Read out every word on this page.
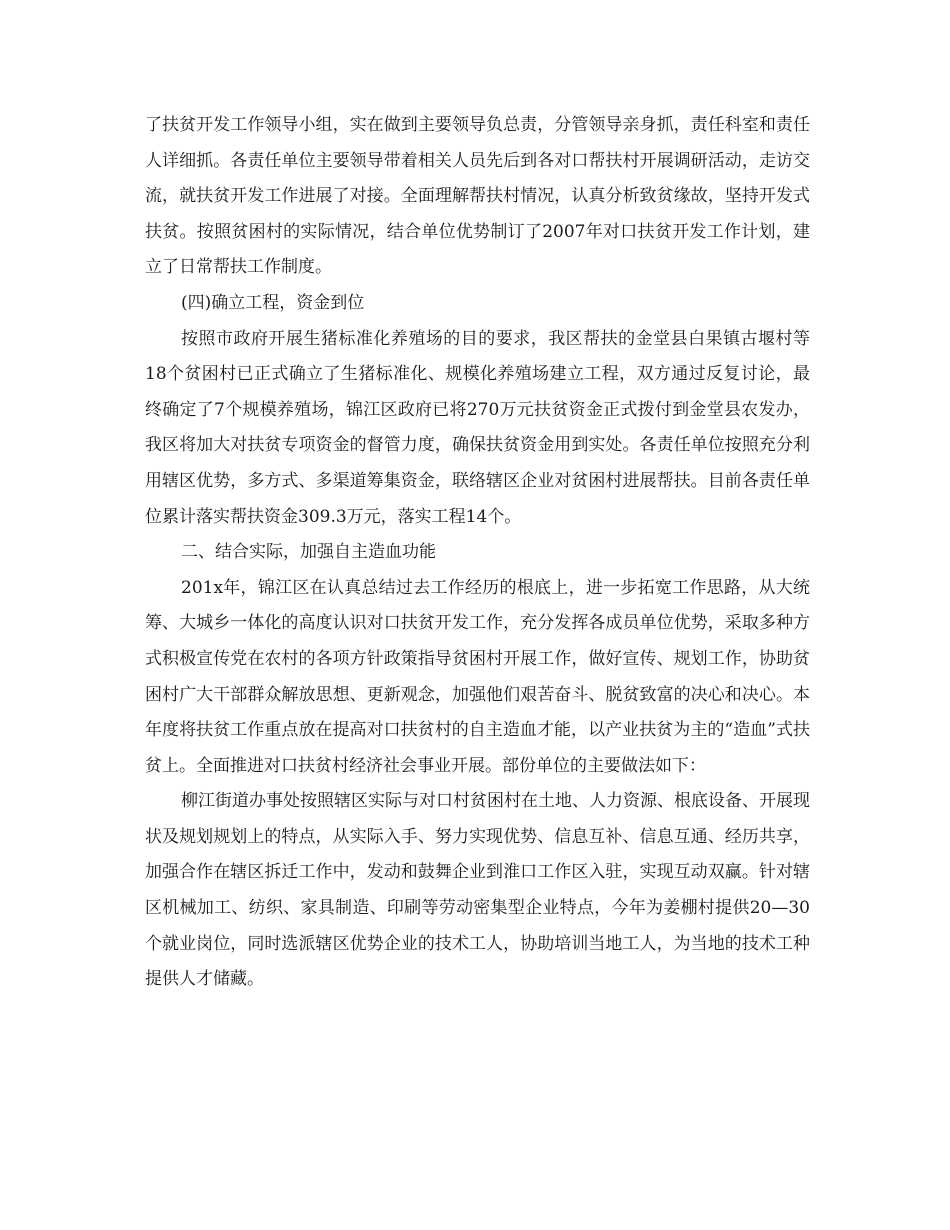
了扶贫开发工作领导小组，实在做到主要领导负总责，分管领导亲身抓，责任科室和责任人详细抓。各责任单位主要领导带着相关人员先后到各对口帮扶村开展调研活动，走访交流，就扶贫开发工作进展了对接。全面理解帮扶村情况，认真分析致贫缘故，坚持开发式扶贫。按照贫困村的实际情况，结合单位优势制订了2007年对口扶贫开发工作计划，建立了日常帮扶工作制度。

(四)确立工程，资金到位

按照市政府开展生猪标准化养殖场的目的要求，我区帮扶的金堂县白果镇古堰村等18个贫困村已正式确立了生猪标准化、规模化养殖场建立工程，双方通过反复讨论，最终确定了7个规模养殖场，锦江区政府已将270万元扶贫资金正式拨付到金堂县农发办，我区将加大对扶贫专项资金的督管力度，确保扶贫资金用到实处。各责任单位按照充分利用辖区优势，多方式、多渠道筹集资金，联络辖区企业对贫困村进展帮扶。目前各责任单位累计落实帮扶资金309.3万元，落实工程14个。

二、结合实际，加强自主造血功能

201x年，锦江区在认真总结过去工作经历的根底上，进一步拓宽工作思路，从大统筹、大城乡一体化的高度认识对口扶贫开发工作，充分发挥各成员单位优势，采取多种方式积极宣传党在农村的各项方针政策指导贫困村开展工作，做好宣传、规划工作，协助贫困村广大干部群众解放思想、更新观念，加强他们艰苦奋斗、脱贫致富的决心和决心。本年度将扶贫工作重点放在提高对口扶贫村的自主造血才能，以产业扶贫为主的“造血”式扶贫上。全面推进对口扶贫村经济社会事业开展。部份单位的主要做法如下：

柳江街道办事处按照辖区实际与对口村贫困村在土地、人力资源、根底设备、开展现状及规划规划上的特点，从实际入手、努力实现优势、信息互补、信息互通、经历共享，加强合作在辖区拆迁工作中，发动和鼓舞企业到淮口工作区入驻，实现互动双赢。针对辖区机械加工、纺织、家具制造、印刷等劳动密集型企业特点，今年为姜棚村提供20—30个就业岗位，同时选派辖区优势企业的技术工人，协助培训当地工人，为当地的技术工种提供人才储藏。
